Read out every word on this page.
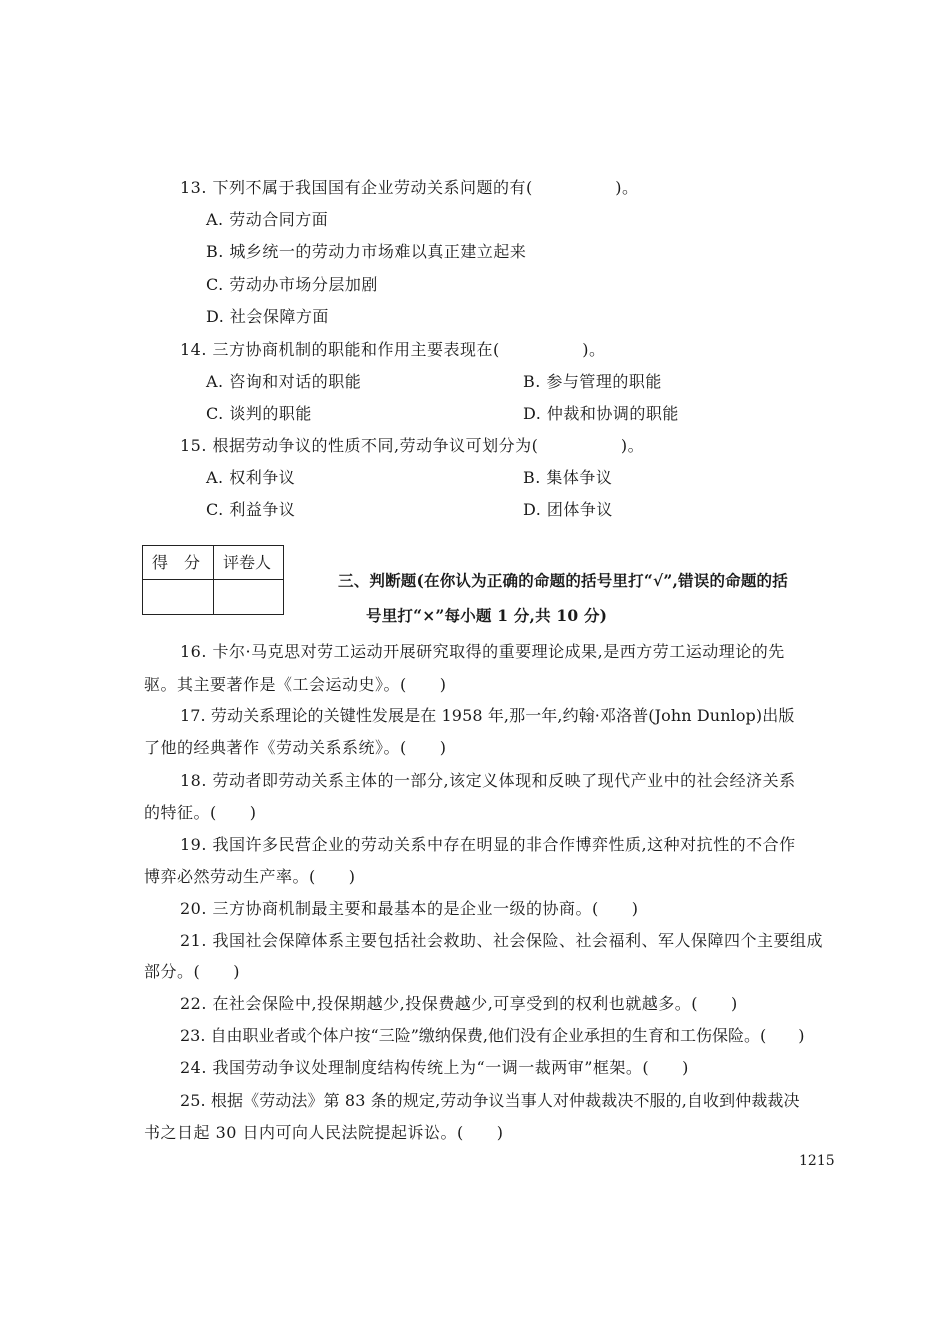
13. 下列不属于我国国有企业劳动关系问题的有(　　　　　)。
A. 劳动合同方面
B. 城乡统一的劳动力市场难以真正建立起来
C. 劳动办市场分层加剧
D. 社会保障方面
14. 三方协商机制的职能和作用主要表现在(　　　　　)。
A. 咨询和对话的职能	B. 参与管理的职能
C. 谈判的职能	D. 仲裁和协调的职能
15. 根据劳动争议的性质不同,劳动争议可划分为(　　　　　)。
A. 权利争议	B. 集体争议
C. 利益争议	D. 团体争议
得　分 评卷人
三、判断题(在你认为正确的命题的括号里打“√”,错误的命题的括
号里打“×”每小题 1 分,共 10 分)
16. 卡尔·马克思对劳工运动开展研究取得的重要理论成果,是西方劳工运动理论的先
驱。其主要著作是《工会运动史》。(　　)
17. 劳动关系理论的关键性发展是在 1958 年,那一年,约翰·邓洛普(John Dunlop)出版
了他的经典著作《劳动关系系统》。(　　)
18. 劳动者即劳动关系主体的一部分,该定义体现和反映了现代产业中的社会经济关系
的特征。(　　)
19. 我国许多民营企业的劳动关系中存在明显的非合作博弈性质,这种对抗性的不合作
博弈必然劳动生产率。(　　)
20. 三方协商机制最主要和最基本的是企业一级的协商。(　　)
21. 我国社会保障体系主要包括社会救助、社会保险、社会福利、军人保障四个主要组成
部分。(　　)
22. 在社会保险中,投保期越少,投保费越少,可享受到的权利也就越多。(　　)
23. 自由职业者或个体户按“三险”缴纳保费,他们没有企业承担的生育和工伤保险。(　　)
24. 我国劳动争议处理制度结构传统上为“一调一裁两审”框架。(　　)
25. 根据《劳动法》第 83 条的规定,劳动争议当事人对仲裁裁决不服的,自收到仲裁裁决
书之日起 30 日内可向人民法院提起诉讼。(　　)
1215
